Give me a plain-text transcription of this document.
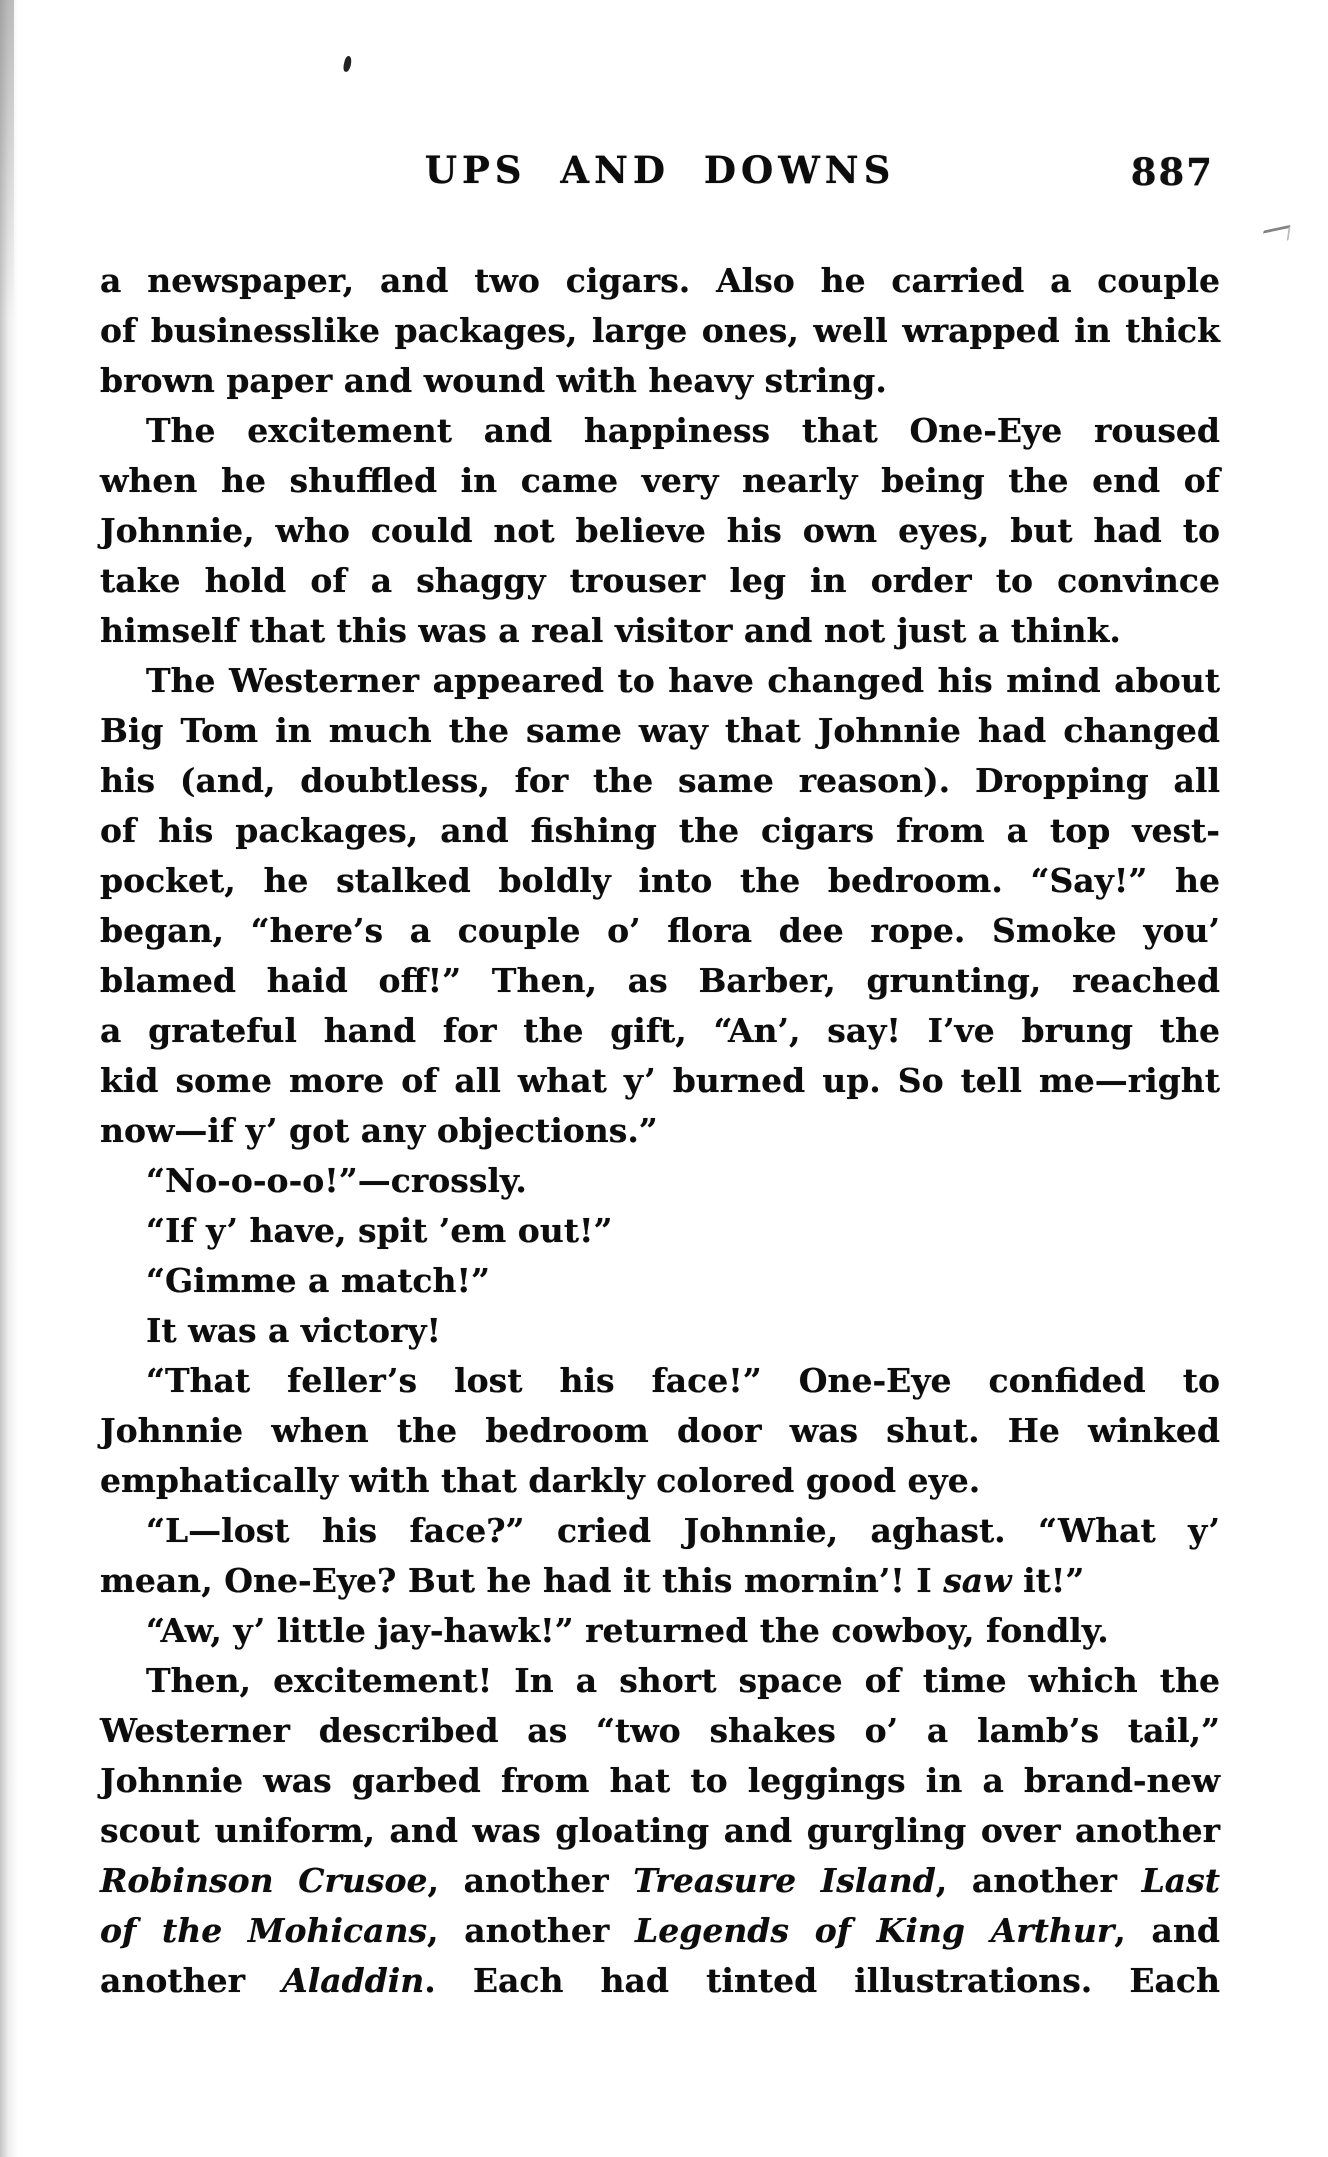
UPS AND DOWNS	887
a newspaper, and two cigars. Also he carried a couple
of businesslike packages, large ones, well wrapped in thick
brown paper and wound with heavy string.
The excitement and happiness that One-Eye roused
when he shuffled in came very nearly being the end of
Johnnie, who could not believe his own eyes, but had to
take hold of a shaggy trouser leg in order to convince
himself that this was a real visitor and not just a think.
The Westerner appeared to have changed his mind about
Big Tom in much the same way that Johnnie had changed
his (and, doubtless, for the same reason). Dropping all
of his packages, and fishing the cigars from a top vest-
pocket, he stalked boldly into the bedroom. “Say!” he
began, “here’s a couple o’ flora dee rope. Smoke you’
blamed haid off!” Then, as Barber, grunting, reached
a grateful hand for the gift, “An’, say! I’ve brung the
kid some more of all what y’ burned up. So tell me—right
now—if y’ got any objections.”
“No-o-o-o!”—crossly.
“If y’ have, spit ’em out!”
“Gimme a match!”
It was a victory!
“That feller’s lost his face!” One-Eye confided to
Johnnie when the bedroom door was shut. He winked
emphatically with that darkly colored good eye.
“L—lost his face?” cried Johnnie, aghast. “What y’
mean, One-Eye? But he had it this mornin’! I saw it!”
“Aw, y’ little jay-hawk!” returned the cowboy, fondly.
Then, excitement! In a short space of time which the
Westerner described as “two shakes o’ a lamb’s tail,”
Johnnie was garbed from hat to leggings in a brand-new
scout uniform, and was gloating and gurgling over another
Robinson Crusoe, another Treasure Island, another Last
of the Mohicans, another Legends of King Arthur, and
another Aladdin. Each had tinted illustrations. Each
